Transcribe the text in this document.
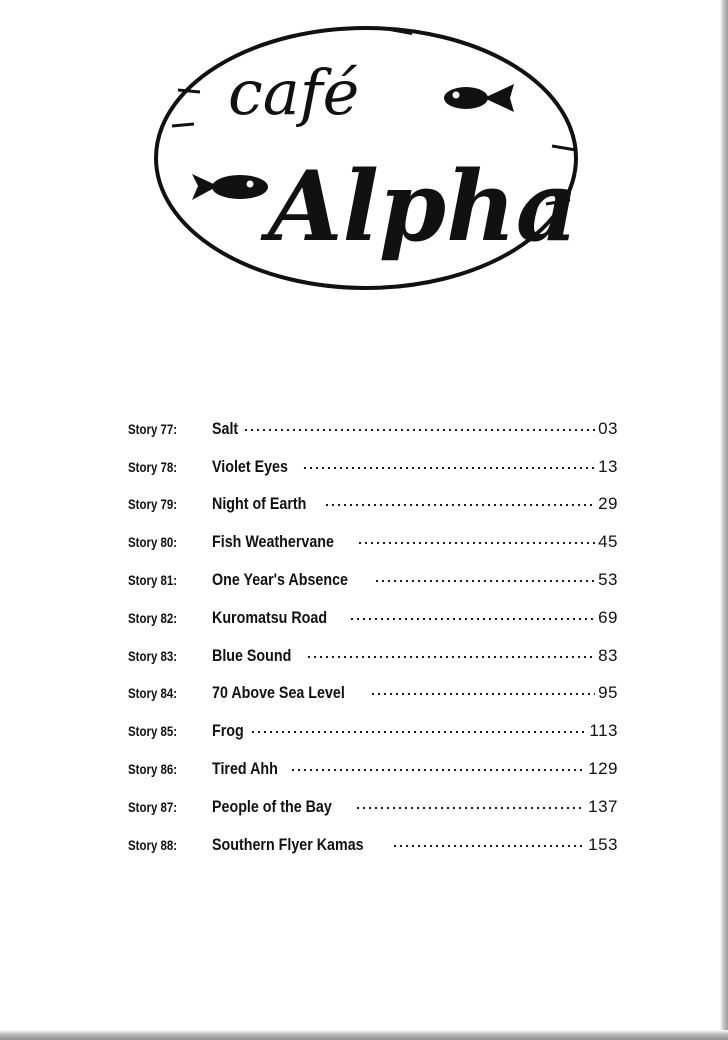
café
Alpha
Story 77:	Salt	03
Story 78:	Violet Eyes	13
Story 79:	Night of Earth	29
Story 80:	Fish Weathervane	45
Story 81:	One Year's Absence	53
Story 82:	Kuromatsu Road	69
Story 83:	Blue Sound	83
Story 84:	70 Above Sea Level	95
Story 85:	Frog	113
Story 86:	Tired Ahh	129
Story 87:	People of the Bay	137
Story 88:	Southern Flyer Kamas	153
